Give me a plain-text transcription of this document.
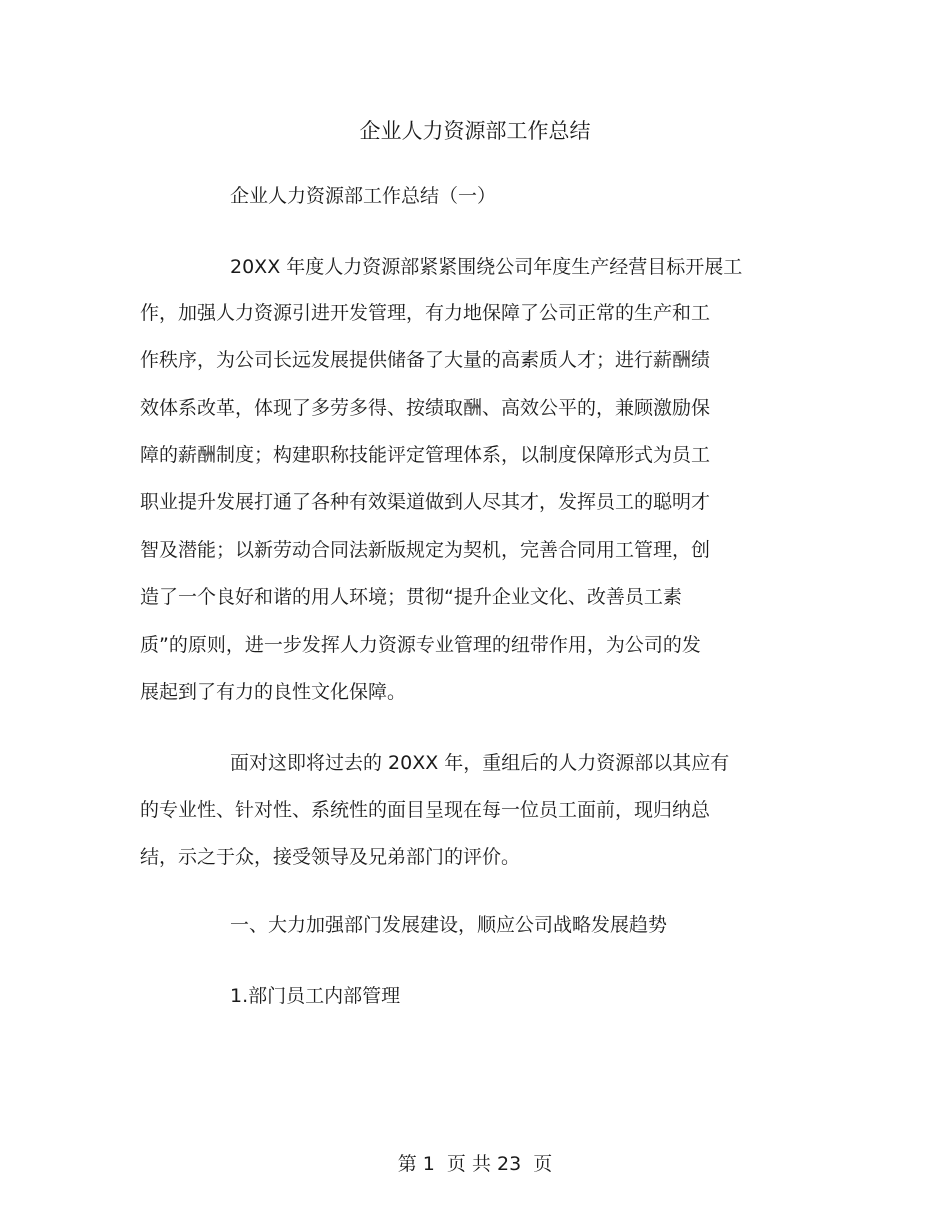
企业人力资源部工作总结
企业人力资源部工作总结（一）
20XX 年度人力资源部紧紧围绕公司年度生产经营目标开展工
作，加强人力资源引进开发管理，有力地保障了公司正常的生产和工
作秩序，为公司长远发展提供储备了大量的高素质人才；进行薪酬绩
效体系改革，体现了多劳多得、按绩取酬、高效公平的，兼顾激励保
障的薪酬制度；构建职称技能评定管理体系，以制度保障形式为员工
职业提升发展打通了各种有效渠道做到人尽其才，发挥员工的聪明才
智及潜能；以新劳动合同法新版规定为契机，完善合同用工管理，创
造了一个良好和谐的用人环境；贯彻“提升企业文化、改善员工素
质”的原则，进一步发挥人力资源专业管理的纽带作用，为公司的发
展起到了有力的良性文化保障。
面对这即将过去的 20XX 年，重组后的人力资源部以其应有
的专业性、针对性、系统性的面目呈现在每一位员工面前，现归纳总
结，示之于众，接受领导及兄弟部门的评价。
一、大力加强部门发展建设，顺应公司战略发展趋势
1.部门员工内部管理
第 1  页 共 23  页
